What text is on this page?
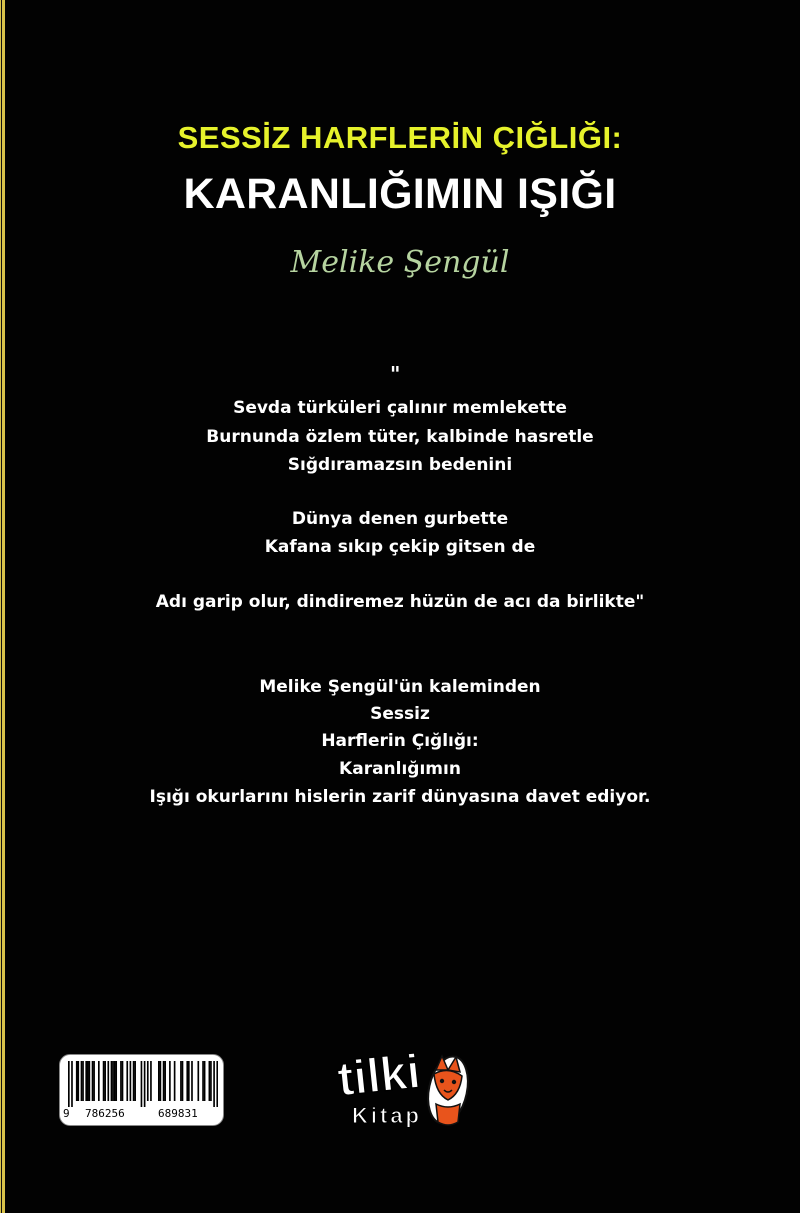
SESSİZ HARFLERİN ÇIĞLIĞI:
KARANLIĞIMIN IŞIĞI
Melike Şengül
"
Sevda türküleri çalınır memlekette
Burnunda özlem tüter, kalbinde hasretle
Sığdıramazsın bedenini
Dünya denen gurbette
Kafana sıkıp çekip gitsen de
Adı garip olur, dindiremez hüzün de acı da birlikte"
Melike Şengül'ün kaleminden
Sessiz
Harflerin Çığlığı:
Karanlığımın
Işığı okurlarını hislerin zarif dünyasına davet ediyor.
9 786256	689831
tilki
Kitap
